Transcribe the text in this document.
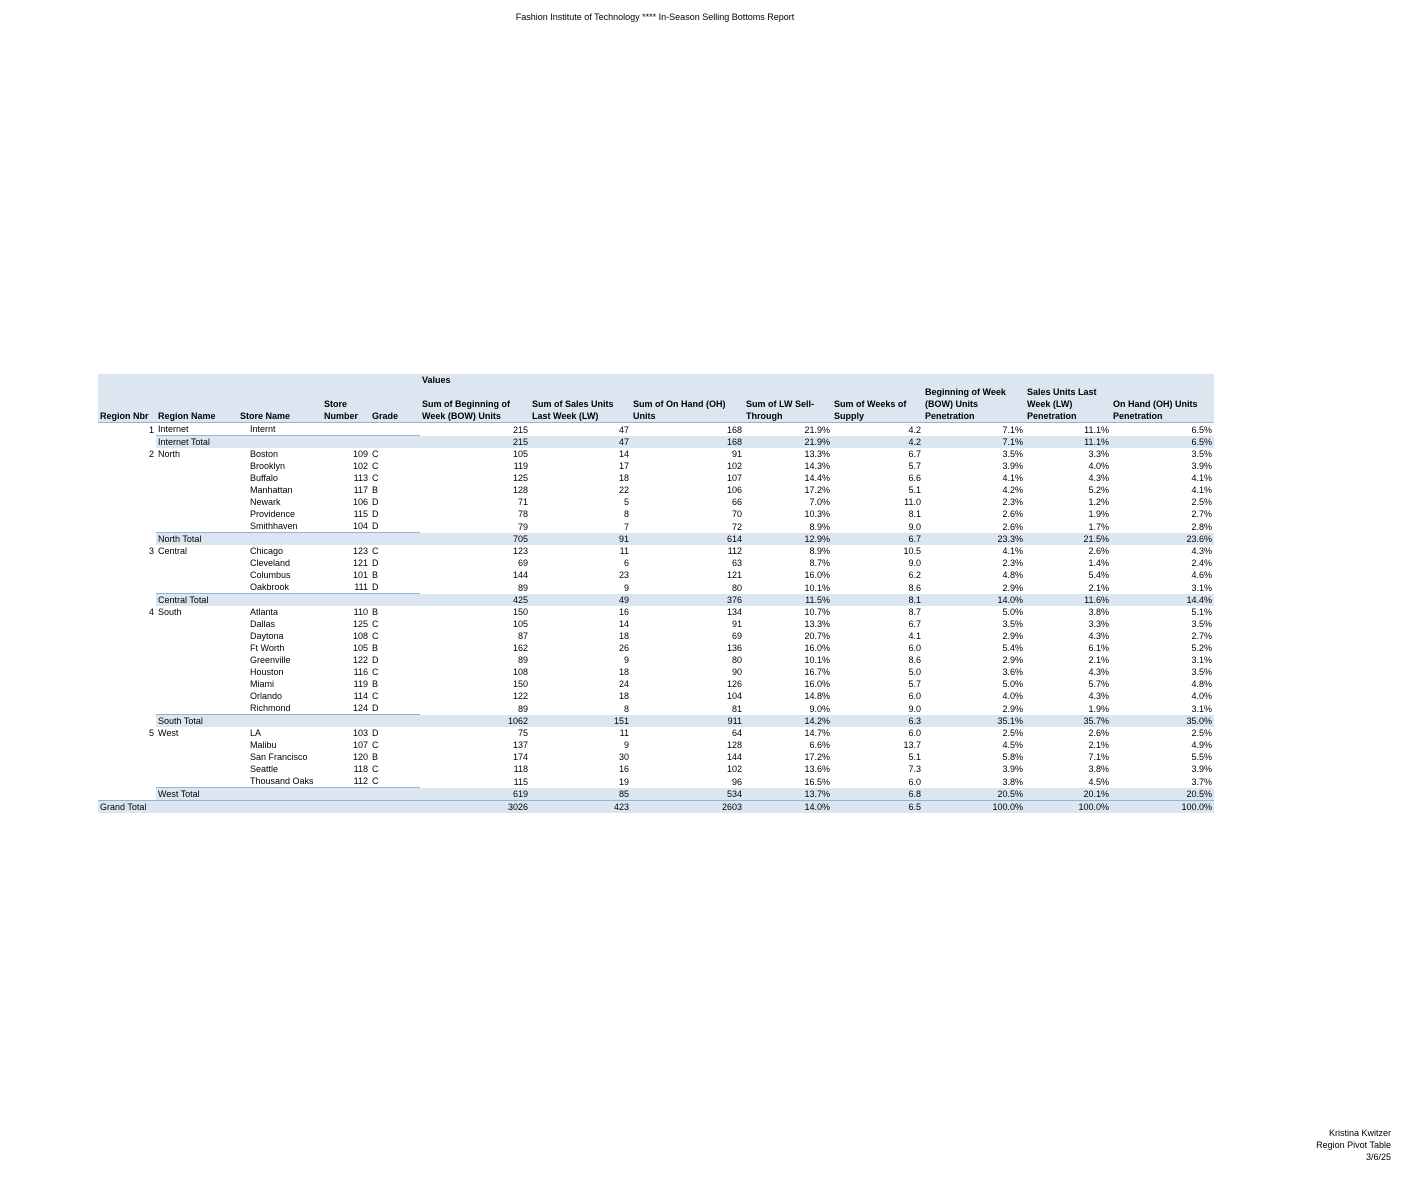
Fashion Institute of Technology **** In-Season Selling Bottoms Report
					Values							
Region Nbr	Region Name	Store Name	Store Number	Grade	Sum of Beginning of Week (BOW) Units	Sum of Sales Units Last Week (LW)	Sum of On Hand (OH) Units	Sum of LW Sell-Through	Sum of Weeks of Supply	Beginning of Week (BOW) Units Penetration	Sales Units Last Week (LW) Penetration	On Hand (OH) Units Penetration
1	Internet	Internt			215	47	168	21.9%	4.2	7.1%	11.1%	6.5%
	Internet Total				215	47	168	21.9%	4.2	7.1%	11.1%	6.5%
2	North	Boston	109	C	105	14	91	13.3%	6.7	3.5%	3.3%	3.5%
		Brooklyn	102	C	119	17	102	14.3%	5.7	3.9%	4.0%	3.9%
		Buffalo	113	C	125	18	107	14.4%	6.6	4.1%	4.3%	4.1%
		Manhattan	117	B	128	22	106	17.2%	5.1	4.2%	5.2%	4.1%
		Newark	106	D	71	5	66	7.0%	11.0	2.3%	1.2%	2.5%
		Providence	115	D	78	8	70	10.3%	8.1	2.6%	1.9%	2.7%
		Smithhaven	104	D	79	7	72	8.9%	9.0	2.6%	1.7%	2.8%
	North Total				705	91	614	12.9%	6.7	23.3%	21.5%	23.6%
3	Central	Chicago	123	C	123	11	112	8.9%	10.5	4.1%	2.6%	4.3%
		Cleveland	121	D	69	6	63	8.7%	9.0	2.3%	1.4%	2.4%
		Columbus	101	B	144	23	121	16.0%	6.2	4.8%	5.4%	4.6%
		Oakbrook	111	D	89	9	80	10.1%	8.6	2.9%	2.1%	3.1%
	Central Total				425	49	376	11.5%	8.1	14.0%	11.6%	14.4%
4	South	Atlanta	110	B	150	16	134	10.7%	8.7	5.0%	3.8%	5.1%
		Dallas	125	C	105	14	91	13.3%	6.7	3.5%	3.3%	3.5%
		Daytona	108	C	87	18	69	20.7%	4.1	2.9%	4.3%	2.7%
		Ft Worth	105	B	162	26	136	16.0%	6.0	5.4%	6.1%	5.2%
		Greenville	122	D	89	9	80	10.1%	8.6	2.9%	2.1%	3.1%
		Houston	116	C	108	18	90	16.7%	5.0	3.6%	4.3%	3.5%
		Miami	119	B	150	24	126	16.0%	5.7	5.0%	5.7%	4.8%
		Orlando	114	C	122	18	104	14.8%	6.0	4.0%	4.3%	4.0%
		Richmond	124	D	89	8	81	9.0%	9.0	2.9%	1.9%	3.1%
	South Total				1062	151	911	14.2%	6.3	35.1%	35.7%	35.0%
5	West	LA	103	D	75	11	64	14.7%	6.0	2.5%	2.6%	2.5%
		Malibu	107	C	137	9	128	6.6%	13.7	4.5%	2.1%	4.9%
		San Francisco	120	B	174	30	144	17.2%	5.1	5.8%	7.1%	5.5%
		Seattle	118	C	118	16	102	13.6%	7.3	3.9%	3.8%	3.9%
		Thousand Oaks	112	C	115	19	96	16.5%	6.0	3.8%	4.5%	3.7%
	West Total				619	85	534	13.7%	6.8	20.5%	20.1%	20.5%
Grand Total					3026	423	2603	14.0%	6.5	100.0%	100.0%	100.0%
Kristina Kwitzer
Region Pivot Table
3/6/25
